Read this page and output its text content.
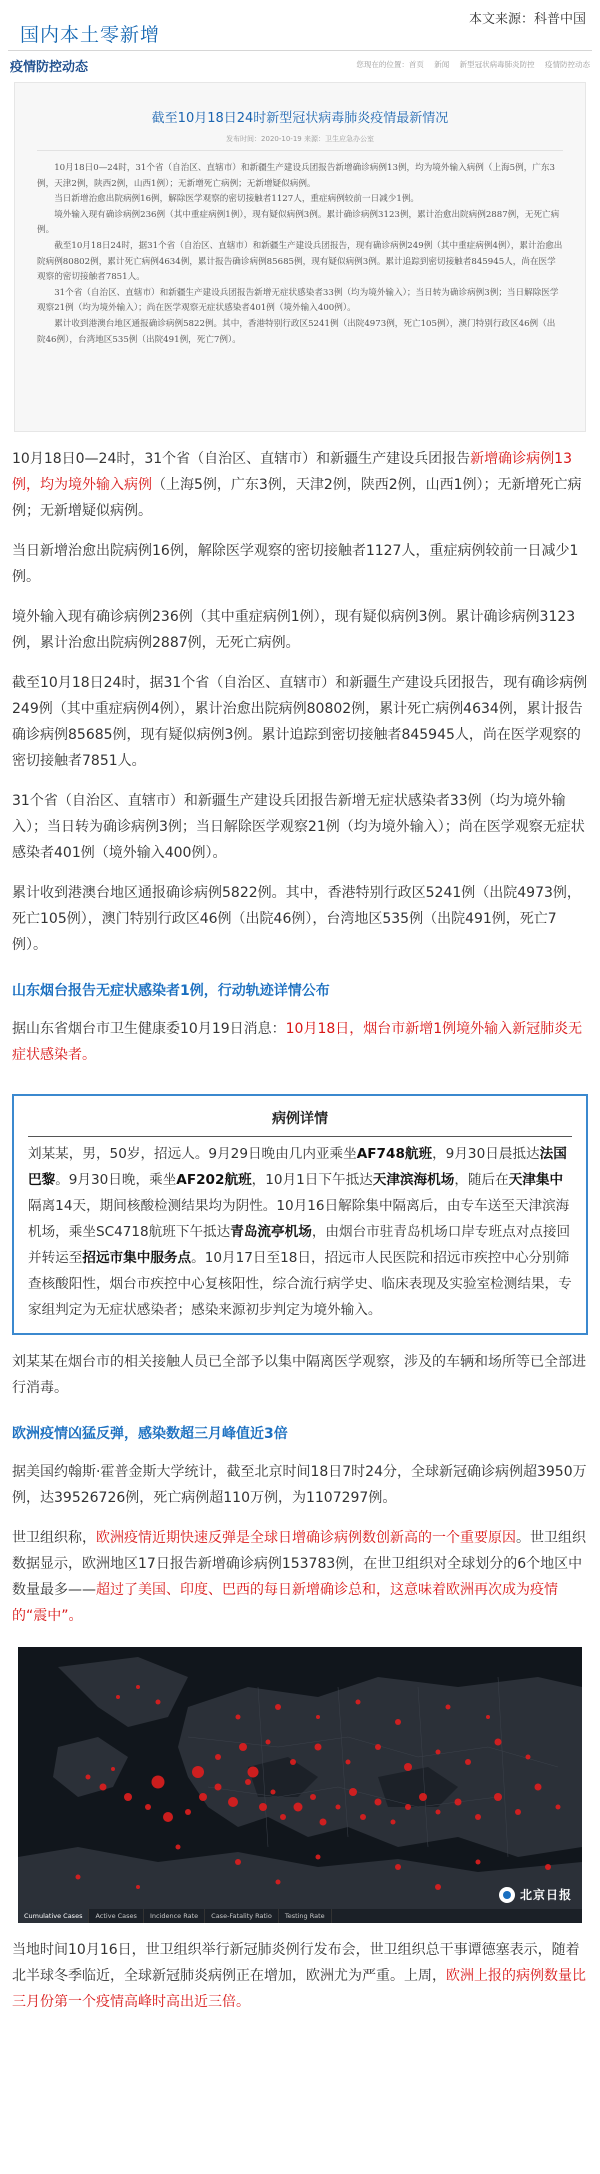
本文来源：科普中国
国内本土零新增
疫情防控动态	您现在的位置：首页 新闻 新型冠状病毒肺炎防控 疫情防控动态
截至10月18日24时新型冠状病毒肺炎疫情最新情况
发布时间：2020-10-19 来源：卫生应急办公室

10月18日0—24时，31个省（自治区、直辖市）和新疆生产建设兵团报告新增确诊病例13例，均为境外输入病例（上海5例，广东3例，天津2例，陕西2例，山西1例）；无新增死亡病例；无新增疑似病例。

当日新增治愈出院病例16例，解除医学观察的密切接触者1127人，重症病例较前一日减少1例。

境外输入现有确诊病例236例（其中重症病例1例），现有疑似病例3例。累计确诊病例3123例，累计治愈出院病例2887例，无死亡病例。

截至10月18日24时，据31个省（自治区、直辖市）和新疆生产建设兵团报告，现有确诊病例249例（其中重症病例4例），累计治愈出院病例80802例，累计死亡病例4634例，累计报告确诊病例85685例，现有疑似病例3例。累计追踪到密切接触者845945人，尚在医学观察的密切接触者7851人。

31个省（自治区、直辖市）和新疆生产建设兵团报告新增无症状感染者33例（均为境外输入）；当日转为确诊病例3例；当日解除医学观察21例（均为境外输入）；尚在医学观察无症状感染者401例（境外输入400例）。

累计收到港澳台地区通报确诊病例5822例。其中，香港特别行政区5241例（出院4973例，死亡105例），澳门特别行政区46例（出院46例），台湾地区535例（出院491例，死亡7例）。

10月18日0—24时，31个省（自治区、直辖市）和新疆生产建设兵团报告新增确诊病例13例，均为境外输入病例（上海5例，广东3例，天津2例，陕西2例，山西1例）；无新增死亡病例；无新增疑似病例。

当日新增治愈出院病例16例，解除医学观察的密切接触者1127人，重症病例较前一日减少1例。

境外输入现有确诊病例236例（其中重症病例1例），现有疑似病例3例。累计确诊病例3123例，累计治愈出院病例2887例，无死亡病例。

截至10月18日24时，据31个省（自治区、直辖市）和新疆生产建设兵团报告，现有确诊病例249例（其中重症病例4例），累计治愈出院病例80802例，累计死亡病例4634例，累计报告确诊病例85685例，现有疑似病例3例。累计追踪到密切接触者845945人，尚在医学观察的密切接触者7851人。

31个省（自治区、直辖市）和新疆生产建设兵团报告新增无症状感染者33例（均为境外输入）；当日转为确诊病例3例；当日解除医学观察21例（均为境外输入）；尚在医学观察无症状感染者401例（境外输入400例）。

累计收到港澳台地区通报确诊病例5822例。其中，香港特别行政区5241例（出院4973例，死亡105例），澳门特别行政区46例（出院46例），台湾地区535例（出院491例，死亡7例）。

山东烟台报告无症状感染者1例，行动轨迹详情公布

据山东省烟台市卫生健康委10月19日消息：10月18日，烟台市新增1例境外输入新冠肺炎无症状感染者。

病例详情
刘某某，男，50岁，招远人。9月29日晚由几内亚乘坐AF748航班，9月30日晨抵达法国巴黎。9月30日晚，乘坐AF202航班，10月1日下午抵达天津滨海机场，随后在天津集中隔离14天，期间核酸检测结果均为阴性。10月16日解除集中隔离后，由专车送至天津滨海机场，乘坐SC4718航班下午抵达青岛流亭机场，由烟台市驻青岛机场口岸专班点对点接回并转运至招远市集中服务点。10月17日至18日，招远市人民医院和招远市疾控中心分别筛查核酸阳性，烟台市疾控中心复核阳性，综合流行病学史、临床表现及实验室检测结果，专家组判定为无症状感染者；感染来源初步判定为境外输入。

刘某某在烟台市的相关接触人员已全部予以集中隔离医学观察，涉及的车辆和场所等已全部进行消毒。

欧洲疫情凶猛反弹，感染数超三月峰值近3倍

据美国约翰斯·霍普金斯大学统计，截至北京时间18日7时24分，全球新冠确诊病例超3950万例，达39526726例，死亡病例超110万例，为1107297例。

世卫组织称，欧洲疫情近期快速反弹是全球日增确诊病例数创新高的一个重要原因。世卫组织数据显示，欧洲地区17日报告新增确诊病例153783例，在世卫组织对全球划分的6个地区中数量最多——超过了美国、印度、巴西的每日新增确诊总和，这意味着欧洲再次成为疫情的“震中”。

Cumulative Cases	Active Cases	Incidence Rate	Case-Fatality Ratio	Testing Rate
北京日报

当地时间10月16日，世卫组织举行新冠肺炎例行发布会，世卫组织总干事谭德塞表示，随着北半球冬季临近，全球新冠肺炎病例正在增加，欧洲尤为严重。上周，欧洲上报的病例数量比三月份第一个疫情高峰时高出近三倍。
